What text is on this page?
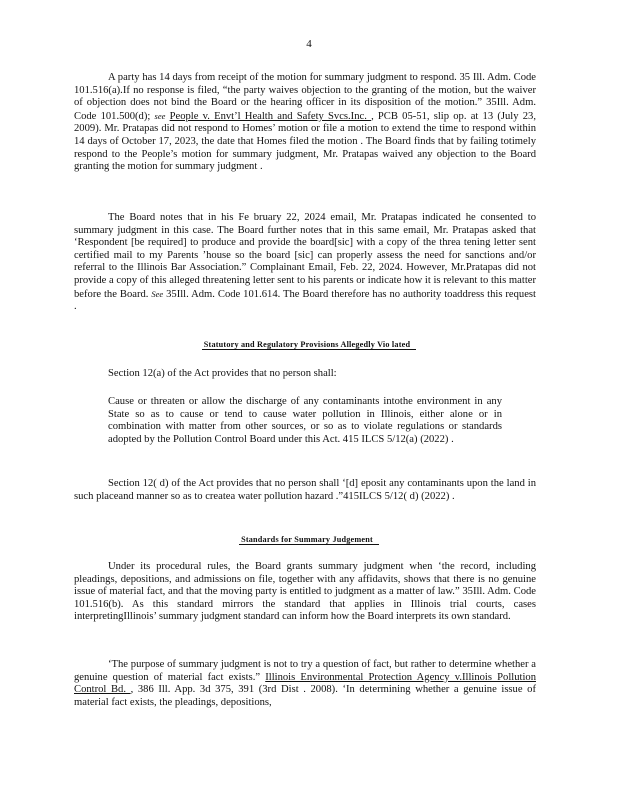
4

A party has 14 days from receipt of the motion for summary judgment to respond. 35 Ill. Adm. Code 101.516(a).If no response is filed, “the party waives objection to the granting of the motion, but the waiver of objection does not bind the Board or the hearing officer in its disposition of the motion.” 35Ill. Adm. Code 101.500(d); see People v. Envt’l Health and Safety Svcs.Inc. , PCB 05-51, slip op. at 13 (July 23, 2009). Mr. Pratapas did not respond to Homes’ motion or file a motion to extend the time to respond within 14 days of October 17, 2023, the date that Homes filed the motion . The Board finds that by failing totimely respond to the People’s motion for summary judgment, Mr. Pratapas waived any objection to the Board granting the motion for summary judgment .

The Board notes that in his Fe bruary 22, 2024 email, Mr. Pratapas indicated he consented to summary judgment in this case. The Board further notes that in this same email, Mr. Pratapas asked that ‘Respondent [be required] to produce and provide the board[sic] with a copy of the threa tening letter sent certified mail to my Parents ’house so the board [sic] can properly assess the need for sanctions and/or referral to the Illinois Bar Association.” Complainant Email, Feb. 22, 2024. However, Mr.Pratapas did not provide a copy of this alleged threatening letter sent to his parents or indicate how it is relevant to this matter before the Board. See 35Ill. Adm. Code 101.614. The Board therefore has no authority toaddress this request .

Statutory and Regulatory Provisions Allegedly Vio lated

Section 12(a) of the Act provides that no person shall:

Cause or threaten or allow the discharge of any contaminants intothe environment in any State so as to cause or tend to cause water pollution in Illinois, either alone or in combination with matter from other sources, or so as to violate regulations or standards adopted by the Pollution Control Board under this Act. 415 ILCS 5/12(a) (2022) .

Section 12( d) of the Act provides that no person shall ‘[d] eposit any contaminants upon the land in such placeand manner so as to createa water pollution hazard .”415ILCS 5/12( d) (2022) .

Standards for Summary Judgement

Under its procedural rules, the Board grants summary judgment when ‘the record, including pleadings, depositions, and admissions on file, together with any affidavits, shows that there is no genuine issue of material fact, and that the moving party is entitled to judgment as a matter of law.” 35Ill. Adm. Code 101.516(b). As this standard mirrors the standard that applies in Illinois trial courts, cases interpretingIllinois’ summary judgment standard can inform how the Board interprets its own standard.

‘The purpose of summary judgment is not to try a question of fact, but rather to determine whether a genuine question of material fact exists.” Illinois Environmental Protection Agency v.Illinois Pollution Control Bd. , 386 Ill. App. 3d 375, 391 (3rd Dist . 2008). ‘In determining whether a genuine issue of material fact exists, the pleadings, depositions,
